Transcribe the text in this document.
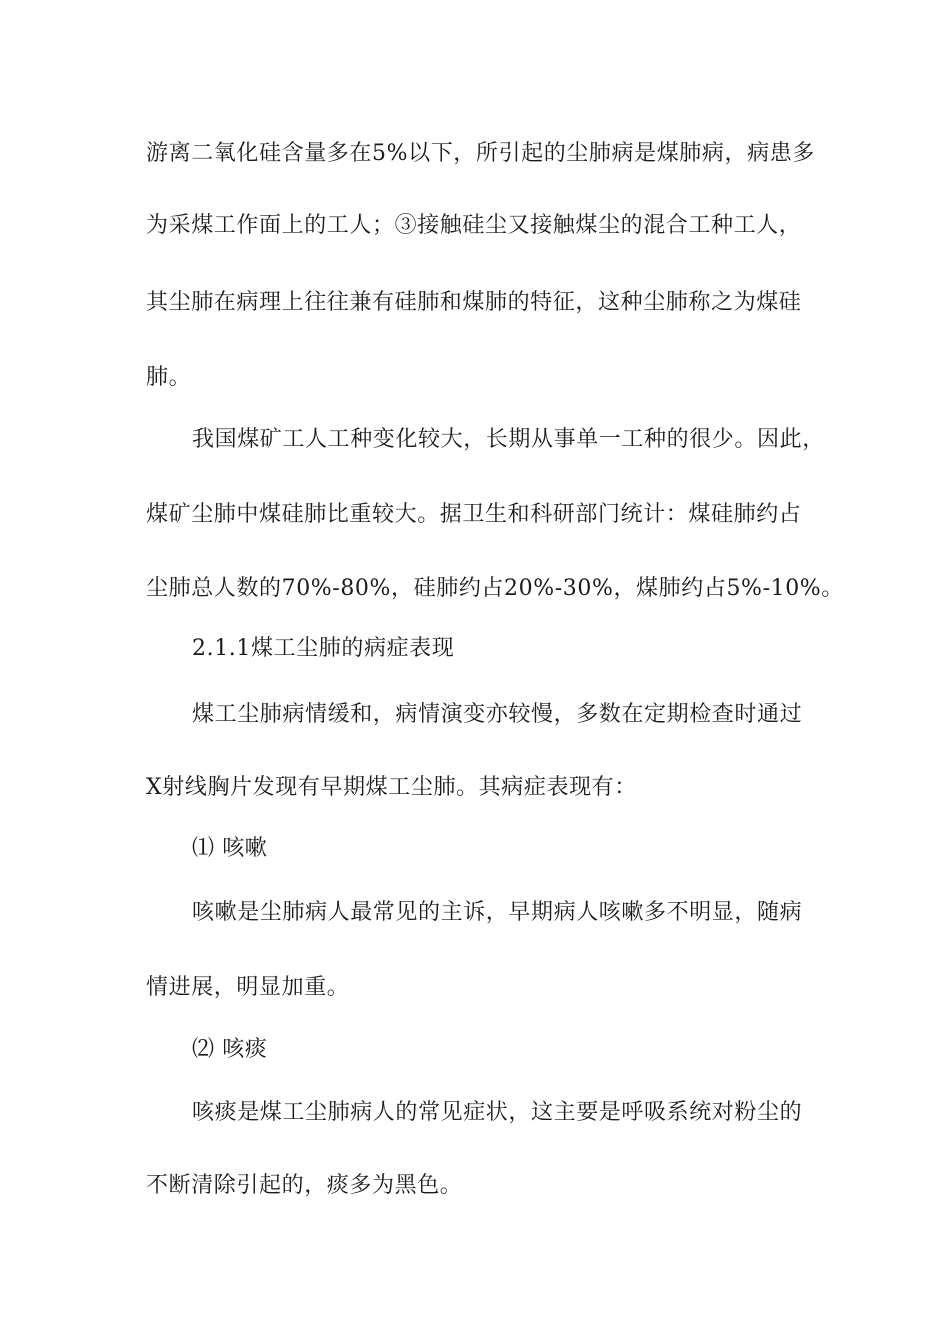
游离二氧化硅含量多在5%以下，所引起的尘肺病是煤肺病，病患多
为采煤工作面上的工人；③接触硅尘又接触煤尘的混合工种工人，
其尘肺在病理上往往兼有硅肺和煤肺的特征，这种尘肺称之为煤硅
肺。
我国煤矿工人工种变化较大，长期从事单一工种的很少。因此，
煤矿尘肺中煤硅肺比重较大。据卫生和科研部门统计：煤硅肺约占
尘肺总人数的70%-80%，硅肺约占20%-30%，煤肺约占5%-10%。
2.1.1煤工尘肺的病症表现
煤工尘肺病情缓和，病情演变亦较慢，多数在定期检查时通过
X射线胸片发现有早期煤工尘肺。其病症表现有：
⑴ 咳嗽
咳嗽是尘肺病人最常见的主诉，早期病人咳嗽多不明显，随病
情进展，明显加重。
⑵ 咳痰
咳痰是煤工尘肺病人的常见症状，这主要是呼吸系统对粉尘的
不断清除引起的，痰多为黑色。
